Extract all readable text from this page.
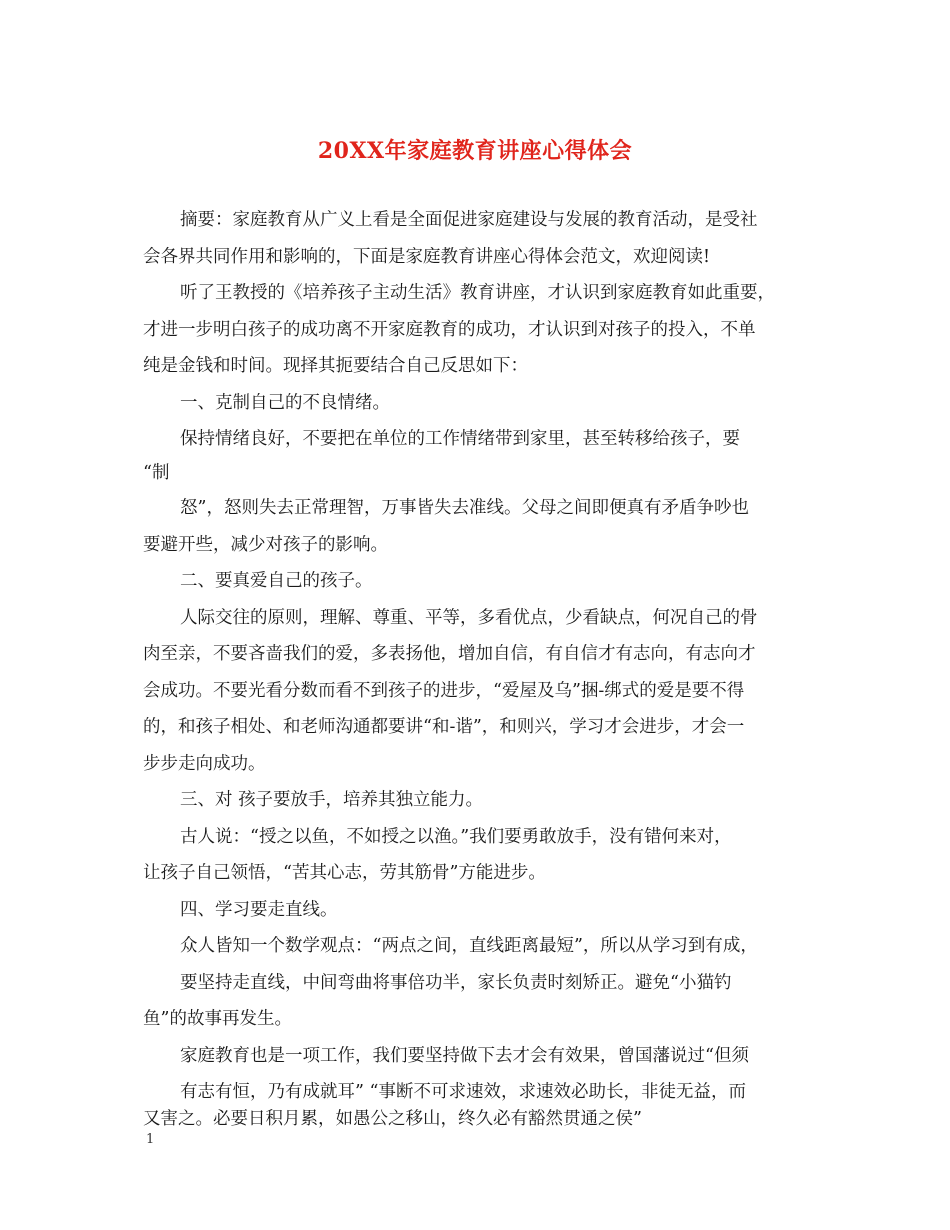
20XX年家庭教育讲座心得体会
摘要：家庭教育从广义上看是全面促进家庭建设与发展的教育活动，是受社
会各界共同作用和影响的，下面是家庭教育讲座心得体会范文，欢迎阅读!
听了王教授的《培养孩子主动生活》教育讲座，才认识到家庭教育如此重要，
才进一步明白孩子的成功离不开家庭教育的成功，才认识到对孩子的投入，不单
纯是金钱和时间。现择其扼要结合自己反思如下：
一、克制自己的不良情绪。
保持情绪良好，不要把在单位的工作情绪带到家里，甚至转移给孩子，要
“制
怒”，怒则失去正常理智，万事皆失去准线。父母之间即便真有矛盾争吵也
要避开些，减少对孩子的影响。
二、要真爱自己的孩子。
人际交往的原则，理解、尊重、平等，多看优点，少看缺点，何况自己的骨
肉至亲，不要吝啬我们的爱，多表扬他，增加自信，有自信才有志向，有志向才
会成功。不要光看分数而看不到孩子的进步，“爱屋及乌”捆-绑式的爱是要不得
的，和孩子相处、和老师沟通都要讲“和-谐”，和则兴，学习才会进步，才会一
步步走向成功。
三、对 孩子要放手，培养其独立能力。
古人说：“授之以鱼，不如授之以渔。”我们要勇敢放手，没有错何来对，
让孩子自己领悟，“苦其心志，劳其筋骨”方能进步。
四、学习要走直线。
众人皆知一个数学观点：“两点之间，直线距离最短”，所以从学习到有成，
要坚持走直线，中间弯曲将事倍功半，家长负责时刻矫正。避免“小猫钓
鱼”的故事再发生。
家庭教育也是一项工作，我们要坚持做下去才会有效果，曾国藩说过“但须
有志有恒，乃有成就耳” “事断不可求速效，求速效必助长，非徒无益，而
又害之。必要日积月累，如愚公之移山，终久必有豁然贯通之侯”
1
